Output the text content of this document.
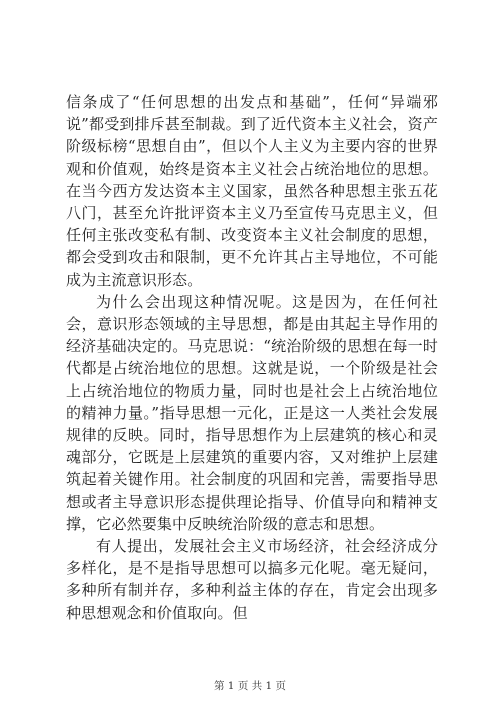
信条成了“任何思想的出发点和基础”，任何“异端邪说”都受到排斥甚至制裁。到了近代资本主义社会，资产阶级标榜“思想自由”，但以个人主义为主要内容的世界观和价值观，始终是资本主义社会占统治地位的思想。在当今西方发达资本主义国家，虽然各种思想主张五花八门，甚至允许批评资本主义乃至宣传马克思主义，但任何主张改变私有制、改变资本主义社会制度的思想，都会受到攻击和限制，更不允许其占主导地位，不可能成为主流意识形态。

为什么会出现这种情况呢。这是因为，在任何社会，意识形态领域的主导思想，都是由其起主导作用的经济基础决定的。马克思说：“统治阶级的思想在每一时代都是占统治地位的思想。这就是说，一个阶级是社会上占统治地位的物质力量，同时也是社会上占统治地位的精神力量。”指导思想一元化，正是这一人类社会发展规律的反映。同时，指导思想作为上层建筑的核心和灵魂部分，它既是上层建筑的重要内容，又对维护上层建筑起着关键作用。社会制度的巩固和完善，需要指导思想或者主导意识形态提供理论指导、价值导向和精神支撑，它必然要集中反映统治阶级的意志和思想。

有人提出，发展社会主义市场经济，社会经济成分多样化，是不是指导思想可以搞多元化呢。毫无疑问，多种所有制并存，多种利益主体的存在，肯定会出现多种思想观念和价值取向。但

第 1 页 共 1 页
